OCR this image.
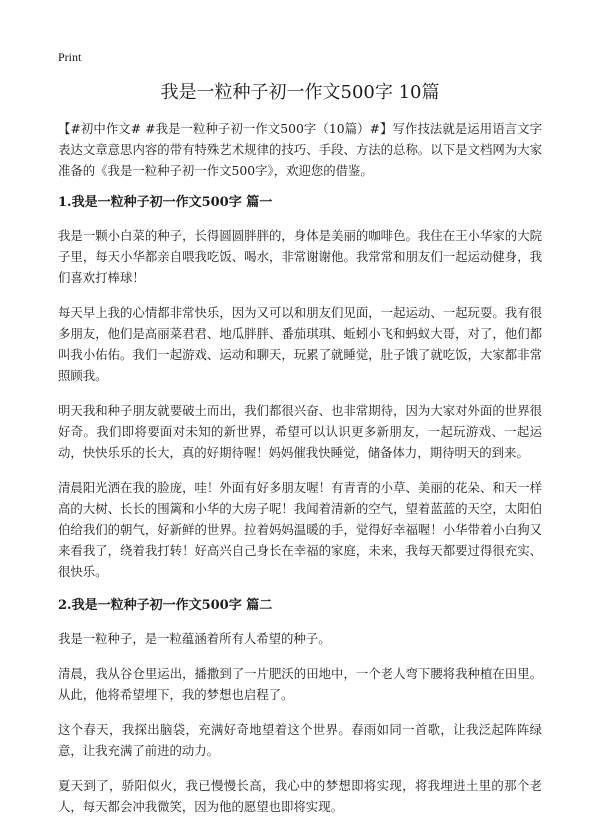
Print
我是一粒种子初一作文500字 10篇

【#初中作文# #我是一粒种子初一作文500字（10篇）#】写作技法就是运用语言文字表达文章意思内容的带有特殊艺术规律的技巧、手段、方法的总称。以下是文档网为大家准备的《我是一粒种子初一作文500字》，欢迎您的借鉴。

1.我是一粒种子初一作文500字 篇一

我是一颗小白菜的种子，长得圆圆胖胖的，身体是美丽的咖啡色。我住在王小华家的大院子里，每天小华都亲自喂我吃饭、喝水，非常谢谢他。我常常和朋友们一起运动健身，我们喜欢打棒球！

每天早上我的心情都非常快乐，因为又可以和朋友们见面，一起运动、一起玩耍。我有很多朋友，他们是高丽菜君君、地瓜胖胖、番茄琪琪、蚯蚓小飞和蚂蚁大哥，对了，他们都叫我小佑佑。我们一起游戏、运动和聊天，玩累了就睡觉，肚子饿了就吃饭，大家都非常照顾我。

明天我和种子朋友就要破土而出，我们都很兴奋、也非常期待，因为大家对外面的世界很好奇。我们即将要面对未知的新世界，希望可以认识更多新朋友，一起玩游戏、一起运动，快快乐乐的长大，真的好期待喔！妈妈催我快睡觉，储备体力，期待明天的到来。

清晨阳光洒在我的脸庞，哇！外面有好多朋友喔！有青青的小草、美丽的花朵、和天一样高的大树、长长的围篱和小华的大房子呢！我闻着清新的空气，望着蓝蓝的天空，太阳伯伯给我们的朝气，好新鲜的世界。拉着妈妈温暖的手，觉得好幸福喔！小华带着小白狗又来看我了，绕着我打转！好高兴自己身长在幸福的家庭，未来，我每天都要过得很充实、很快乐。

2.我是一粒种子初一作文500字 篇二

我是一粒种子，是一粒蕴涵着所有人希望的种子。

清晨，我从谷仓里运出，播撒到了一片肥沃的田地中，一个老人弯下腰将我种植在田里。从此，他将希望埋下，我的梦想也启程了。

这个春天，我探出脑袋，充满好奇地望着这个世界。春雨如同一首歌，让我泛起阵阵绿意，让我充满了前进的动力。

夏天到了，骄阳似火，我已慢慢长高，我心中的梦想即将实现，将我埋进土里的那个老人，每天都会冲我微笑，因为他的愿望也即将实现。
